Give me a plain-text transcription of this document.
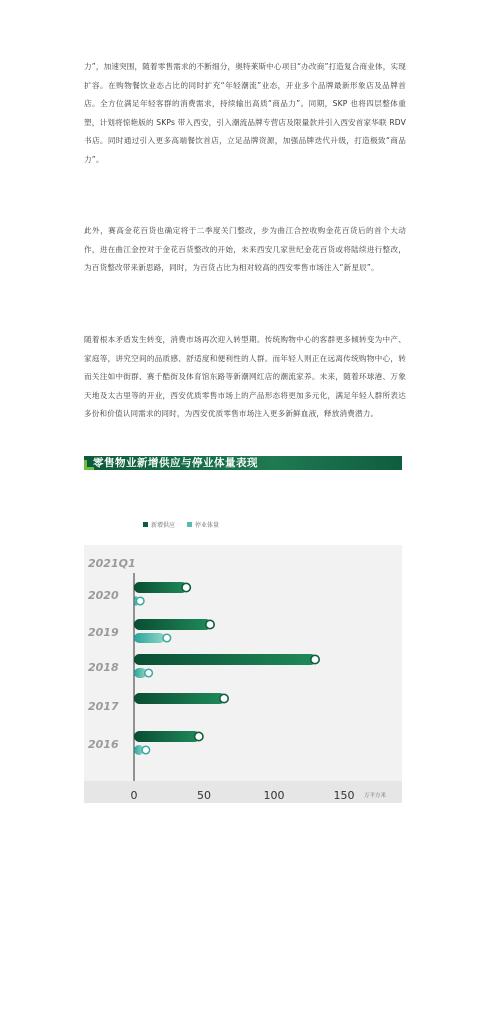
力”，加速突围，随着零售需求的不断细分，奥特莱斯中心项目“办改商”打造复合商业体，实现扩容。在购物餐饮业态占比的同时扩充“年轻潮流”业态，开业多个品牌最新形象店及品牌首店。全方位满足年轻客群的消费需求，持续输出高质“商品力”。同期，SKP 也将四层整体重塑，计划将惊艳版的 SKPs 带入西安，引入潮流品牌专营店及限量款并引入西安首家华联 RDV 书店。同时通过引入更多高端餐饮首店，立足品牌资源，加强品牌迭代升级，打造极致“商品力”。

此外，赛高金花百货也确定将于二季度关门整改，步为曲江合控收购金花百货后的首个大动作，进在曲江金控对于金花百货整改的开始，未来西安几家世纪金花百货或将陆续进行整改，为百货整改带来新思路，同时，为百货占比为相对较高的西安零售市场注入“新星辰”。

随着根本矛盾发生转变，消费市场再次迎入转型期。传统购物中心的客群更多倾转变为中产、家庭等，讲究空间的品质感、舒适度和便利性的人群。而年轻人则正在远离传统购物中心，转而关注如中街群、赛千酷街及体育馆东路等新潮网红店的潮流家养。未来，随着环球港、万象天地及太古里等的开业，西安优质零售市场上的产品形态将更加多元化，满足年轻人群所表达多份和价值认同需求的同时，为西安优质零售市场注入更多新鲜血液，释放消费潜力。

零售物业新增供应与停业体量表现
新增供应	停业体量
2021Q1
2020
2019
2018
2017
2016
0	50	100	150 万平方米
